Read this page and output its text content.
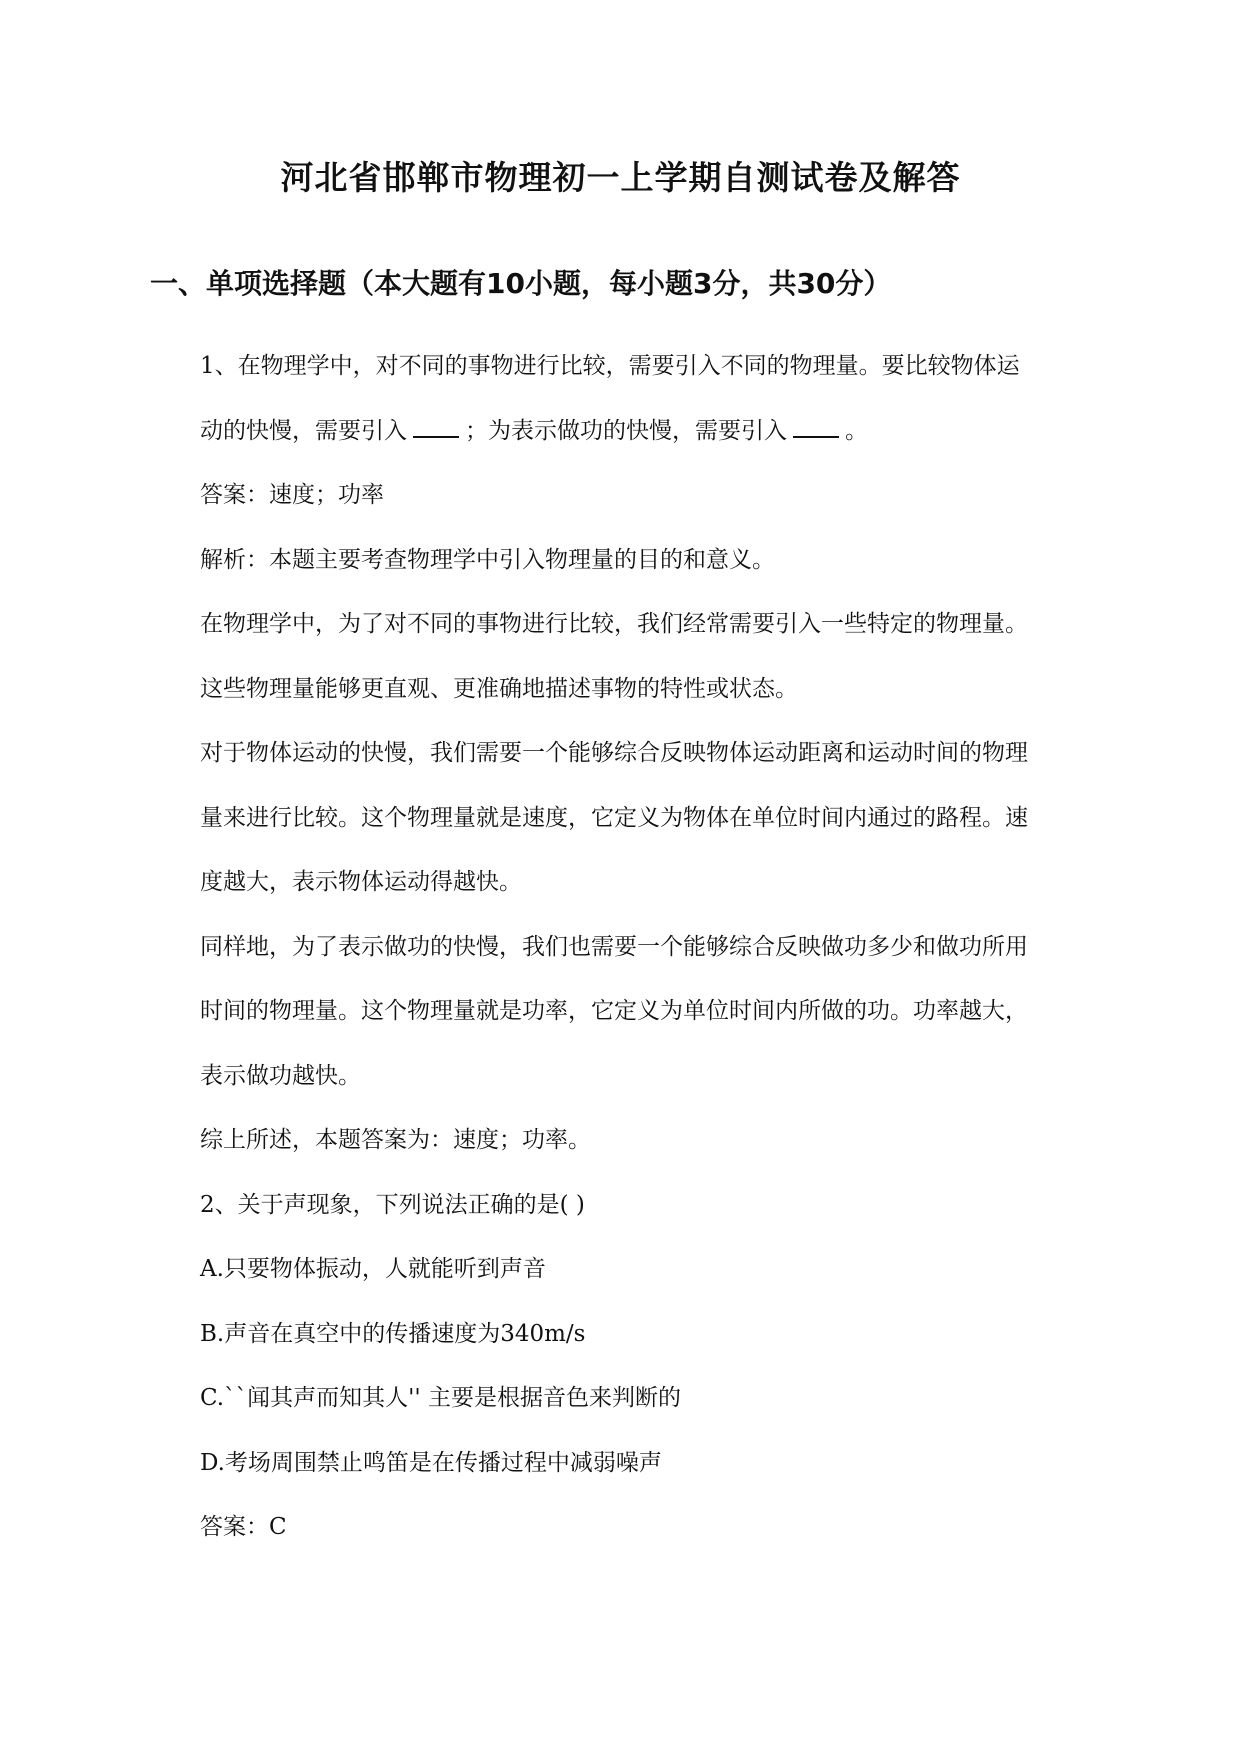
河北省邯郸市物理初一上学期自测试卷及解答
一、单项选择题（本大题有10小题，每小题3分，共30分）

1、在物理学中，对不同的事物进行比较，需要引入不同的物理量。要比较物体运

动的快慢，需要引入	；为表示做功的快慢，需要引入	。

答案：速度；功率

解析：本题主要考查物理学中引入物理量的目的和意义。

在物理学中，为了对不同的事物进行比较，我们经常需要引入一些特定的物理量。

这些物理量能够更直观、更准确地描述事物的特性或状态。

对于物体运动的快慢，我们需要一个能够综合反映物体运动距离和运动时间的物理

量来进行比较。这个物理量就是速度，它定义为物体在单位时间内通过的路程。速

度越大，表示物体运动得越快。

同样地，为了表示做功的快慢，我们也需要一个能够综合反映做功多少和做功所用

时间的物理量。这个物理量就是功率，它定义为单位时间内所做的功。功率越大，

表示做功越快。

综上所述，本题答案为：速度；功率。

2、关于声现象，下列说法正确的是( )

A.只要物体振动，人就能听到声音

B.声音在真空中的传播速度为340m/s

C.``闻其声而知其人'' 主要是根据音色来判断的

D.考场周围禁止鸣笛是在传播过程中减弱噪声

答案：C
